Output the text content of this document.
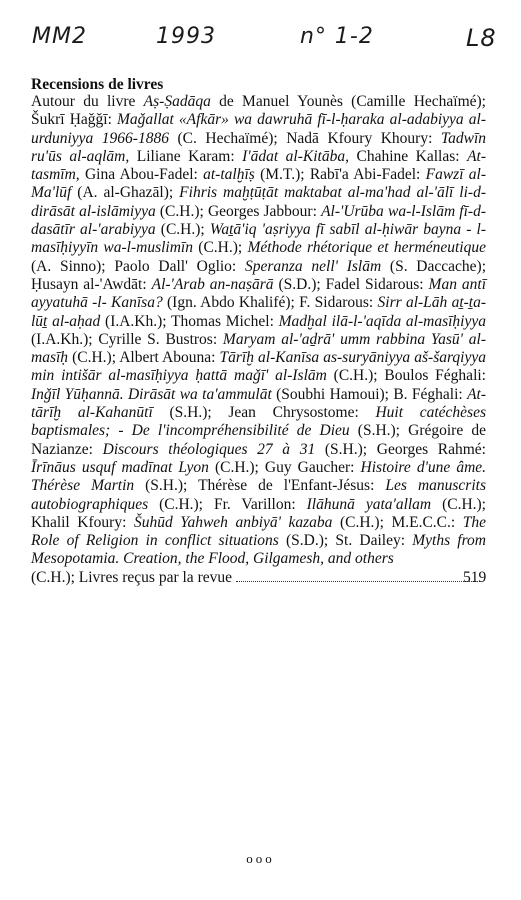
MM2	1993	n° 1-2	L8
Recensions de livres
Autour du livre Aṣ-Ṣadāqa de Manuel Younès (Camille Hechaïmé); Šukrī Ḥaǧǧī: Maǧallat «Afkār» wa dawruhā fī-l-ḥaraka al-adabiyya al-urduniyya 1966-1886 (C. Hechaïmé); Nadā Kfoury Khoury: Tadwīn ru'ūs al-aqlām, Liliane Karam: I'ādat al-Kitāba, Chahine Kallas: At-tasmīm, Gina Abou-Fadel: at-talḫīṣ (M.T.); Rabī'a Abi-Fadel: Fawzī al-Ma'lūf (A. al-Ghazāl); Fihris maḫṭūṭāt maktabat al-ma'had al-'ālī li-d- dirāsāt al-islāmiyya (C.H.); Georges Jabbour: Al-'Urūba wa-l-Islām fī-d-dasātīr al-'arabiyya (C.H.); Waṯā'iq 'aṣriyya fī sabīl al-ḥiwār bayna - l-masīḥiyyīn wa-l-muslimīn (C.H.); Méthode rhétorique et herméneutique (A. Sinno); Paolo Dall' Oglio: Speranza nell' Islām (S. Daccache); Ḥusayn al-'Awdāt: Al-'Arab an-naṣārā (S.D.); Fadel Sidarous: Man antī ayyatuhā -l- Kanīsa? (Ign. Abdo Khalifé); F. Sidarous: Sirr al-Lāh aṯ-ṯa-lūṯ al-aḥad (I.A.Kh.); Thomas Michel: Madḫal ilā-l-'aqīda al-masīḥiyya (I.A.Kh.); Cyrille S. Bustros: Maryam al-'aḏrā' umm rabbina Yasū' al-masīḥ (C.H.); Albert Abouna: Tārīḫ al-Kanīsa as-suryāniyya aš-šarqiyya min intišār al-masīḥiyya ḥattā maǧī' al-Islām (C.H.); Boulos Féghali: Inǧīl Yūḥannā. Dirāsāt wa ta'ammulāt (Soubhi Hamoui); B. Féghali: At-tārīḫ al-Kahanūtī (S.H.); Jean Chrysostome: Huit catéchèses baptismales; - De l'incompréhensibilité de Dieu (S.H.); Grégoire de Nazianze: Discours théologiques 27 à 31 (S.H.); Georges Rahmé: Īrīnāus usquf madīnat Lyon (C.H.); Guy Gaucher: Histoire d'une âme. Thérèse Martin (S.H.); Thérèse de l'Enfant-Jésus: Les manuscrits autobiographiques (C.H.); Fr. Varillon: Ilāhunā yata'allam (C.H.); Khalil Kfoury: Šuhūd Yahweh anbiyā' kazaba (C.H.); M.E.C.C.: The Role of Religion in conflict situations (S.D.); St. Dailey: Myths from Mesopotamia. Creation, the Flood, Gilgamesh, and others
(C.H.); Livres reçus par la revue	519
ooo
